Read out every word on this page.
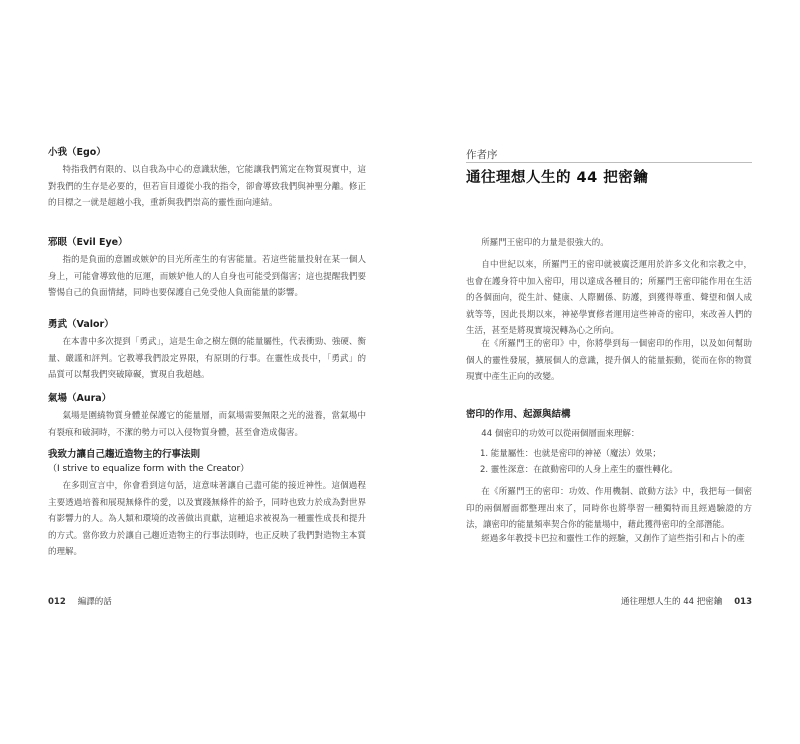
小我（Ego）

特指我們有限的、以自我為中心的意識狀態，它能讓我們篤定在物質現實中，這對我們的生存是必要的，但若盲目遵從小我的指令，卻會導致我們與神聖分離。修正的目標之一就是超越小我，重新與我們崇高的靈性面向連結。

邪眼（Evil Eye）

指的是負面的意圖或嫉妒的目光所產生的有害能量。若這些能量投射在某一個人身上，可能會導致他的厄運，而嫉妒他人的人自身也可能受到傷害；這也提醒我們要警惕自己的負面情緒，同時也要保護自己免受他人負面能量的影響。

勇武（Valor）

在本書中多次提到「勇武」，這是生命之樹左側的能量屬性，代表衝勁、強硬、衡量、嚴謹和評判。它教導我們設定界限，有原則的行事。在靈性成長中，「勇武」的品質可以幫我們突破障礙，實現自我超越。

氣場（Aura）

氣場是圍繞物質身體並保護它的能量層，而氣場需要無限之光的滋養，當氣場中有裂痕和破洞時，不潔的勢力可以入侵物質身體，甚至會造成傷害。

我致力讓自己趨近造物主的行事法則
（I strive to equalize form with the Creator）

在多則宣言中，你會看到這句話，這意味著讓自己盡可能的接近神性。這個過程主要透過培養和展現無條件的愛，以及實踐無條件的給予，同時也致力於成為對世界有影響力的人。為人類和環境的改善做出貢獻，這種追求被視為一種靈性成長和提升的方式。當你致力於讓自己趨近造物主的行事法則時，也正反映了我們對造物主本質的理解。

012 編譯的話
作者序
通往理想人生的 44 把密鑰

所羅門王密印的力量是很強大的。

自中世紀以來，所羅門王的密印就被廣泛運用於許多文化和宗教之中，也會在護身符中加入密印，用以達成各種目的；所羅門王密印能作用在生活的各個面向，從生計、健康、人際關係、防護，到獲得尊重、聲望和個人成就等等，因此長期以來，神祕學實修者運用這些神奇的密印，來改善人們的生活，甚至是將現實境況轉為心之所向。

在《所羅門王的密印》中，你將學到每一個密印的作用，以及如何幫助個人的靈性發展，擴展個人的意識，提升個人的能量振動，從而在你的物質現實中產生正向的改變。

密印的作用、起源與結構

44 個密印的功效可以從兩個層面來理解：

1. 能量屬性：也就是密印的神祕（魔法）效果；
2. 靈性深意：在啟動密印的人身上產生的靈性轉化。

在《所羅門王的密印：功效、作用機制、啟動方法》中，我把每一個密印的兩個層面都整理出來了，同時你也將學習一種獨特而且經過驗證的方法，讓密印的能量頻率契合你的能量場中，藉此獲得密印的全部潛能。

經過多年教授卡巴拉和靈性工作的經驗，又創作了這些指引和占卜的產

通往理想人生的 44 把密鑰 013
